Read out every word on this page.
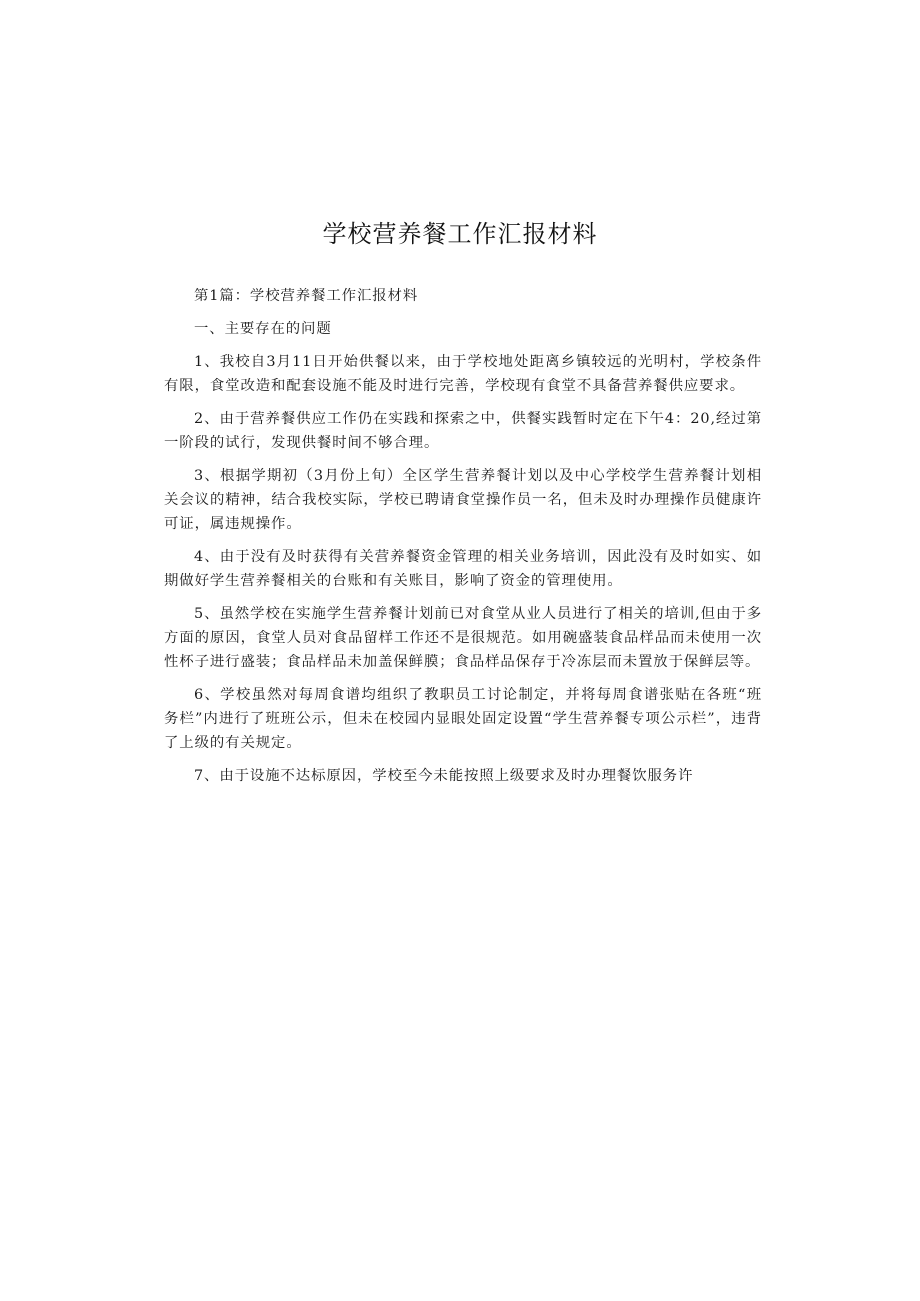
学校营养餐工作汇报材料

第1篇：学校营养餐工作汇报材料

一、主要存在的问题

1、我校自3月11日开始供餐以来，由于学校地处距离乡镇较远的光明村，学校条件有限，食堂改造和配套设施不能及时进行完善，学校现有食堂不具备营养餐供应要求。

2、由于营养餐供应工作仍在实践和探索之中，供餐实践暂时定在下午4：20,经过第一阶段的试行，发现供餐时间不够合理。

3、根据学期初（3月份上旬）全区学生营养餐计划以及中心学校学生营养餐计划相关会议的精神，结合我校实际，学校已聘请食堂操作员一名，但未及时办理操作员健康许可证，属违规操作。

4、由于没有及时获得有关营养餐资金管理的相关业务培训，因此没有及时如实、如期做好学生营养餐相关的台账和有关账目，影响了资金的管理使用。

5、虽然学校在实施学生营养餐计划前已对食堂从业人员进行了相关的培训,但由于多方面的原因，食堂人员对食品留样工作还不是很规范。如用碗盛装食品样品而未使用一次性杯子进行盛装；食品样品未加盖保鲜膜；食品样品保存于冷冻层而未置放于保鲜层等。

6、学校虽然对每周食谱均组织了教职员工讨论制定，并将每周食谱张贴在各班“班务栏”内进行了班班公示，但未在校园内显眼处固定设置“学生营养餐专项公示栏”，违背了上级的有关规定。

7、由于设施不达标原因，学校至今未能按照上级要求及时办理餐饮服务许
